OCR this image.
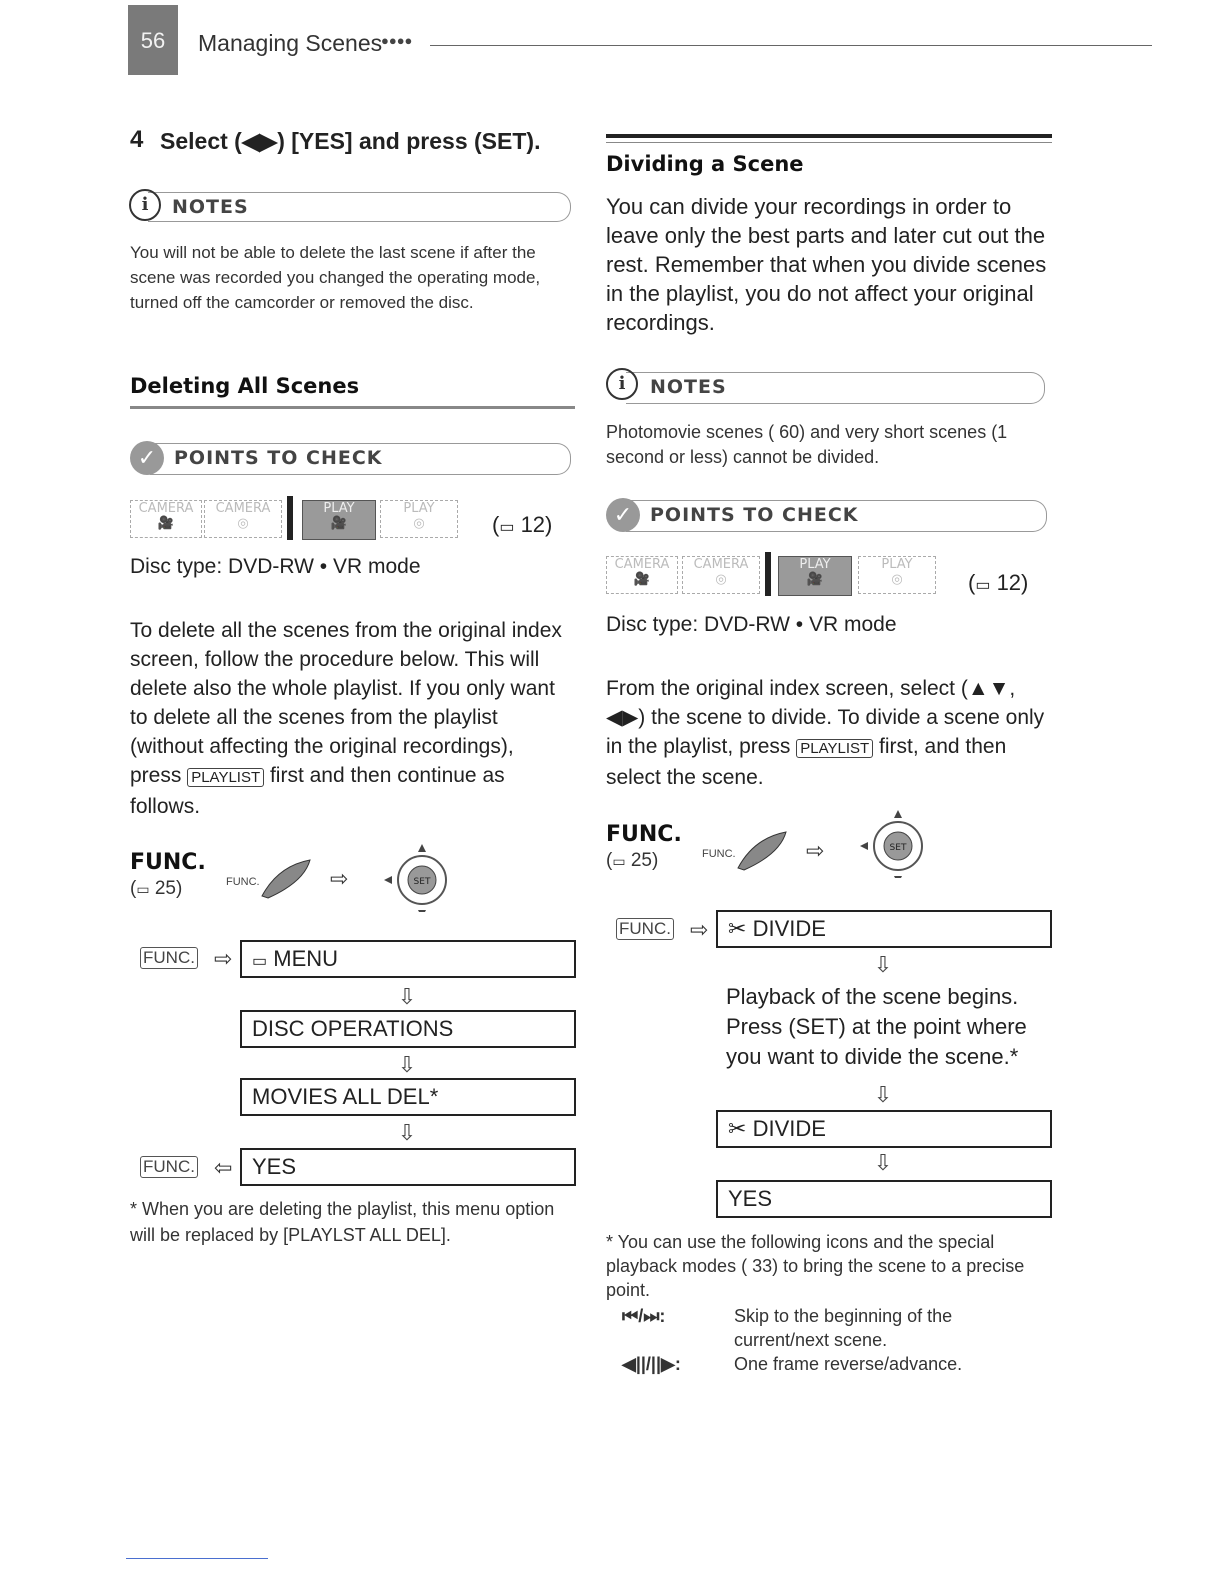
56	Managing Scenes
●●●●
4 Select (◀▶) [YES] and press (SET).
i	NOTES
You will not be able to delete the last scene if after the scene was recorded you changed the operating mode, turned off the camcorder or removed the disc.
Deleting All Scenes
✓ POINTS TO CHECK
CAMERA
🎥
CAMERA
◎
PLAY
🎥
PLAY
◎	(▭ 12)
Disc type: DVD-RW • VR mode
To delete all the scenes from the original index screen, follow the procedure below. This will delete also the whole playlist. If you only want to delete all the scenes from the playlist (without affecting the original recordings), press PLAYLIST first and then continue as follows.
FUNC.
(▭ 25)	FUNC.	⇨	SET
FUNC. ⇨	▭ MENU
⇩
DISC OPERATIONS
⇩
MOVIES ALL DEL*
⇩
FUNC. ⇦ YES
* When you are deleting the playlist, this menu option will be replaced by [PLAYLST ALL DEL].
Dividing a Scene
You can divide your recordings in order to leave only the best parts and later cut out the rest. Remember that when you divide scenes in the playlist, you do not affect your original recordings.
i	NOTES
Photomovie scenes ( 60) and very short scenes (1 second or less) cannot be divided.
✓ POINTS TO CHECK
CAMERA
🎥
CAMERA
◎
PLAY
🎥
PLAY
◎	(▭ 12)
Disc type: DVD-RW • VR mode
From the original index screen, select (▲▼, ◀▶) the scene to divide. To divide a scene only in the playlist, press PLAYLIST first, and then select the scene.
FUNC.
(▭ 25)	FUNC.	⇨	SET
FUNC. ⇨ ✂ DIVIDE
⇩
Playback of the scene begins. Press (SET) at the point where you want to divide the scene.*
⇩
✂ DIVIDE
⇩
YES
* You can use the following icons and the special playback modes ( 33) to bring the scene to a precise point.
⏮/⏭:	Skip to the beginning of the current/next scene.
◀||/||▶:	One frame reverse/advance.
